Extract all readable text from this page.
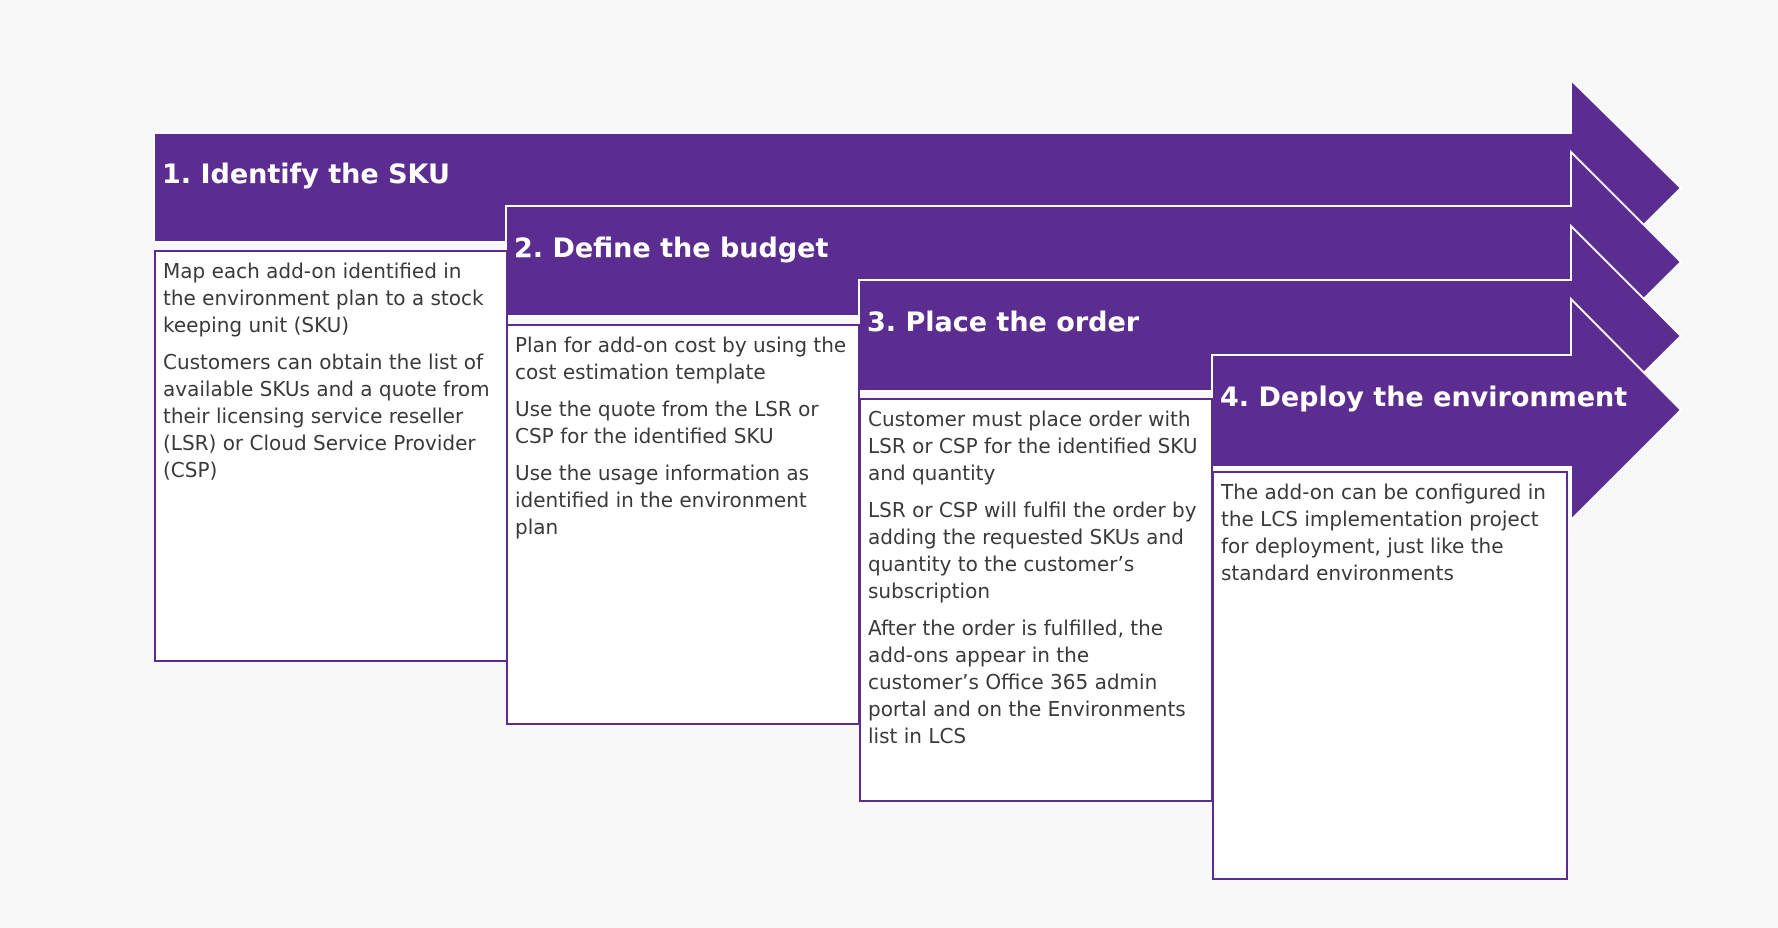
1. Identify the SKU
2. Define the budget
3. Place the order
4. Deploy the environment

Map each add-on identified in the environment plan to a stock keeping unit (SKU)

Customers can obtain the list of available SKUs and a quote from their licensing service reseller (LSR) or Cloud Service Provider (CSP)

Plan for add-on cost by using the cost estimation template

Use the quote from the LSR or CSP for the identified SKU

Use the usage information as identified in the environment plan

Customer must place order with LSR or CSP for the identified SKU and quantity

LSR or CSP will fulfil the order by adding the requested SKUs and quantity to the customer’s subscription

After the order is fulfilled, the add-ons appear in the customer’s Office 365 admin portal and on the Environments list in LCS

The add-on can be configured in the LCS implementation project for deployment, just like the standard environments
